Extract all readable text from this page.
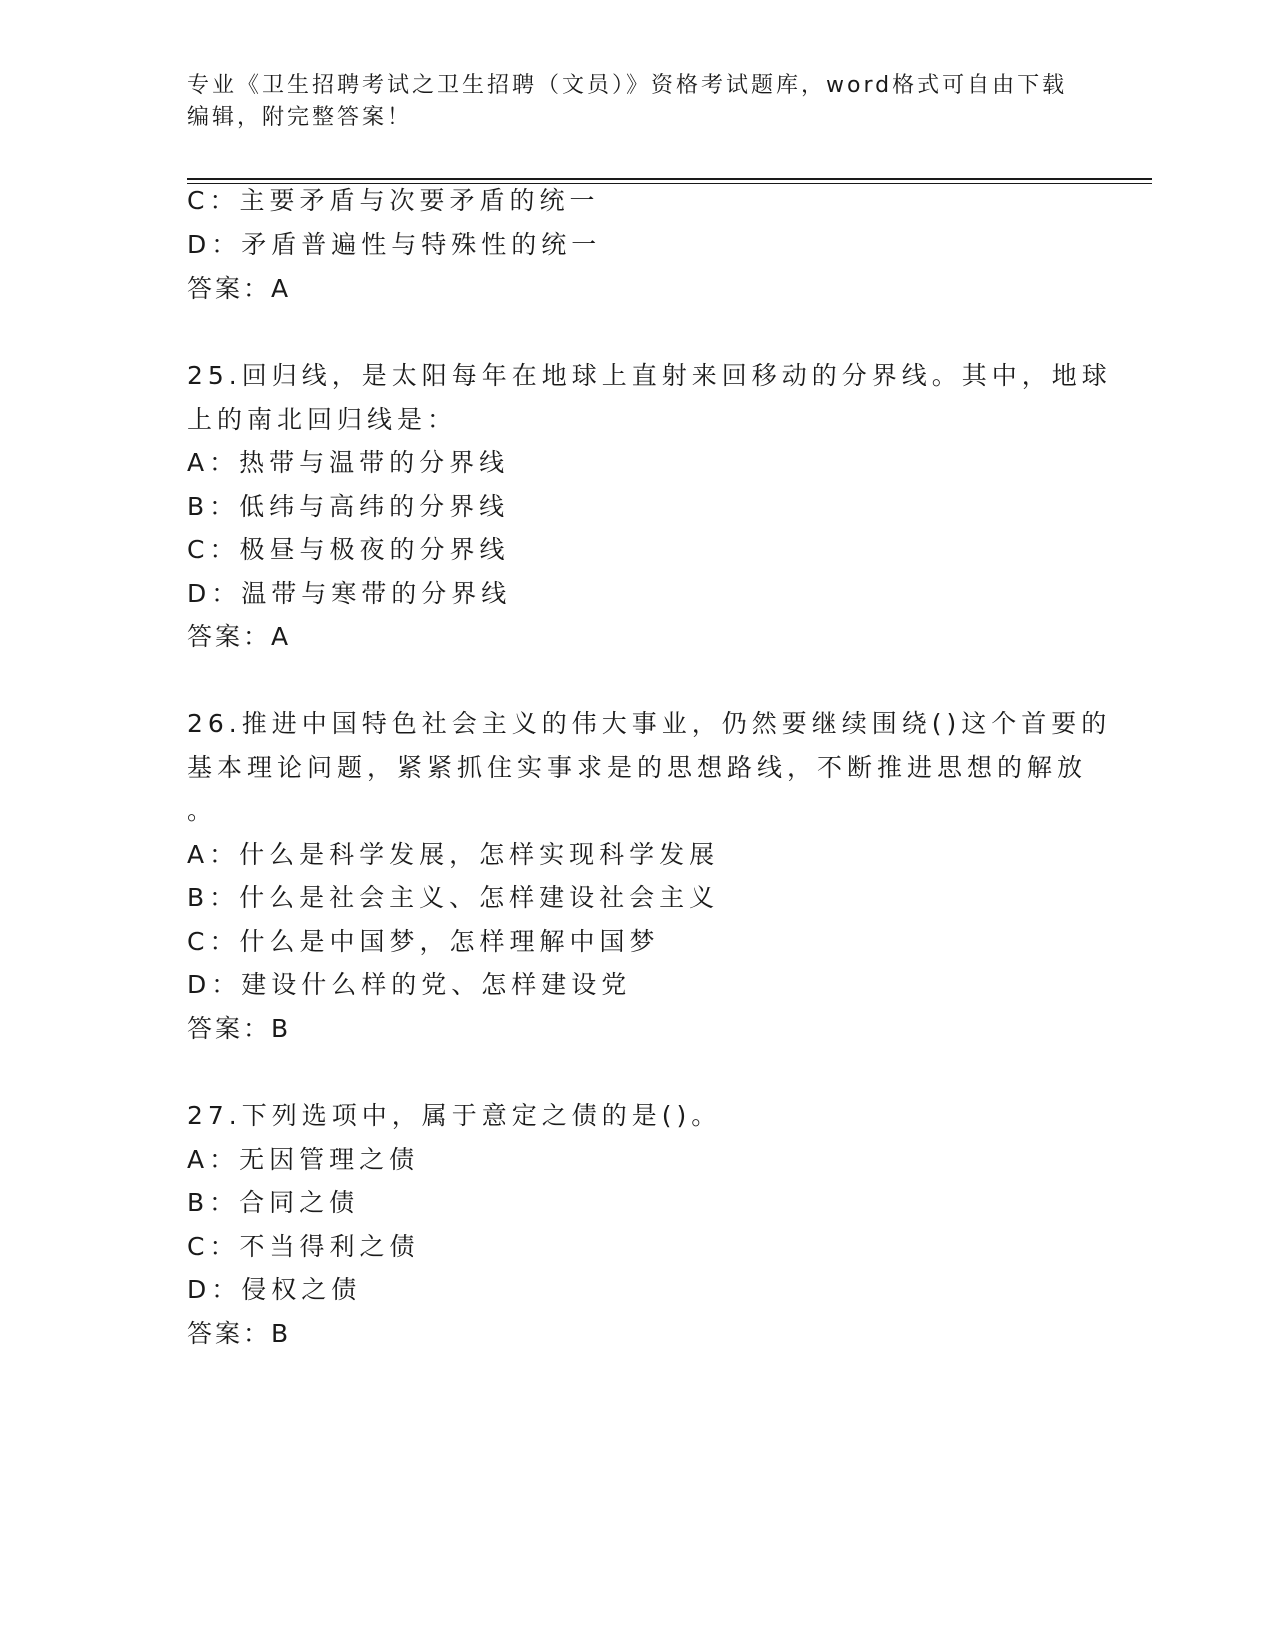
专业《卫生招聘考试之卫生招聘（文员）》资格考试题库，word格式可自由下载
编辑，附完整答案！
C：主要矛盾与次要矛盾的统一
D：矛盾普遍性与特殊性的统一
答案：A
25.回归线，是太阳每年在地球上直射来回移动的分界线。其中，地球
上的南北回归线是：
A：热带与温带的分界线
B：低纬与高纬的分界线
C：极昼与极夜的分界线
D：温带与寒带的分界线
答案：A
26.推进中国特色社会主义的伟大事业，仍然要继续围绕()这个首要的
基本理论问题，紧紧抓住实事求是的思想路线，不断推进思想的解放
。
A：什么是科学发展，怎样实现科学发展
B：什么是社会主义、怎样建设社会主义
C：什么是中国梦，怎样理解中国梦
D：建设什么样的党、怎样建设党
答案：B
27.下列选项中，属于意定之债的是()。
A：无因管理之债
B：合同之债
C：不当得利之债
D：侵权之债
答案：B
